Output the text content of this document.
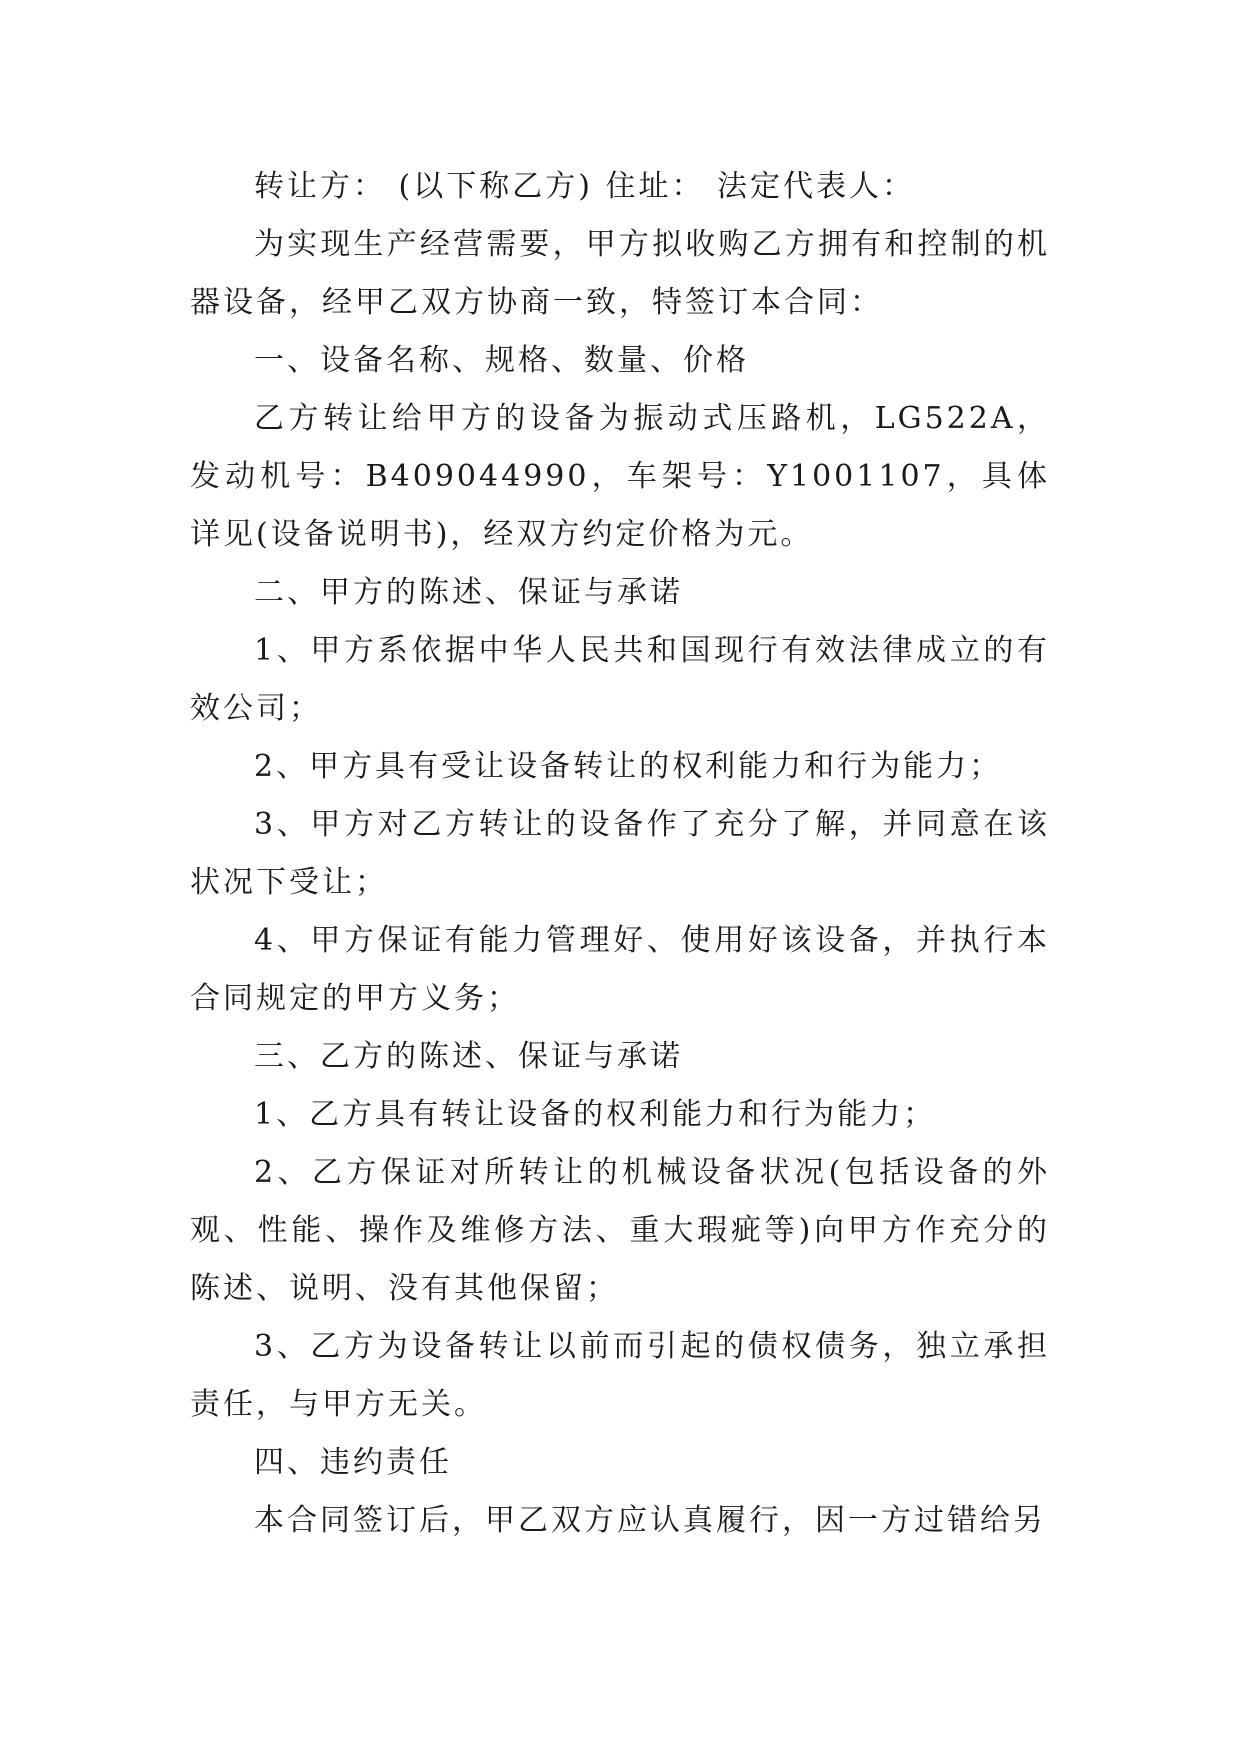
转让方： (以下称乙方) 住址： 法定代表人：

为实现生产经营需要，甲方拟收购乙方拥有和控制的机器设备，经甲乙双方协商一致，特签订本合同：

一、设备名称、规格、数量、价格

乙方转让给甲方的设备为振动式压路机，LG522A，发动机号：B409044990，车架号：Y1001107，具体详见(设备说明书)，经双方约定价格为元。

二、甲方的陈述、保证与承诺

1、甲方系依据中华人民共和国现行有效法律成立的有效公司；

2、甲方具有受让设备转让的权利能力和行为能力；

3、甲方对乙方转让的设备作了充分了解，并同意在该状况下受让；

4、甲方保证有能力管理好、使用好该设备，并执行本合同规定的甲方义务；

三、乙方的陈述、保证与承诺

1、乙方具有转让设备的权利能力和行为能力；

2、乙方保证对所转让的机械设备状况(包括设备的外观、性能、操作及维修方法、重大瑕疵等)向甲方作充分的陈述、说明、没有其他保留；

3、乙方为设备转让以前而引起的债权债务，独立承担责任，与甲方无关。

四、违约责任

本合同签订后，甲乙双方应认真履行，因一方过错给另
